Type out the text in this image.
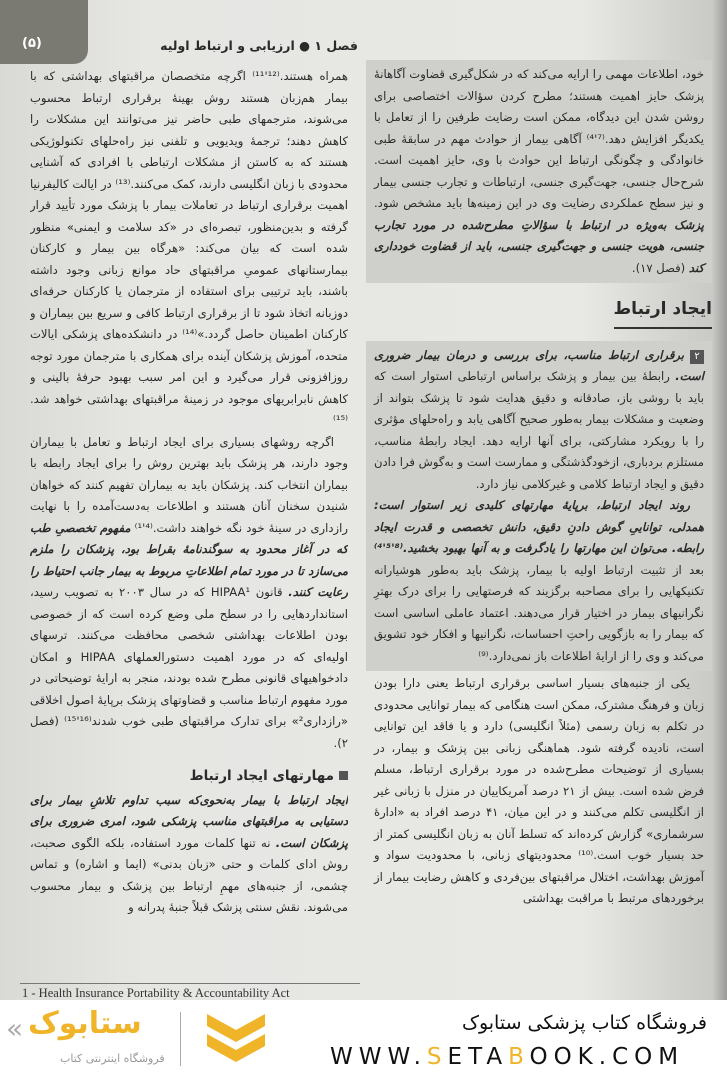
(۵)	فصل ۱ ● ارزیابی و ارتباط اولیه

همراه هستند.⁽¹²'¹¹⁾ اگرچه متخصصان مراقبتهای بهداشتی که با بیمار هم‌زبان هستند روش بهینهٔ برقراری ارتباط محسوب می‌شوند، مترجمهای طبی حاضر نیز می‌توانند این مشکلات را کاهش دهند؛ ترجمهٔ ویدیویی و تلفنی نیز راه‌حلهای تکنولوژیکی هستند که به کاستن از مشکلات ارتباطی با افرادی که آشنایی محدودی با زبان انگلیسی دارند، کمک می‌کنند.⁽¹³⁾ در ایالت کالیفرنیا اهمیت برقراری ارتباط در تعاملات بیمار با پزشک مورد تأیید قرار گرفته و بدین‌منظور، تبصره‌ای در «کد سلامت و ایمنی» منظور شده است که بیان می‌کند: «هرگاه بین بیمار و کارکنان بیمارستانهای عمومیِ مراقبتهای حاد موانع زبانی وجود داشته باشند، باید ترتیبی برای استفاده از مترجمان یا کارکنان حرفه‌ای دوزبانه اتخاذ شود تا از برقراری ارتباط کافی و سریع بین بیماران و کارکنان اطمینان حاصل گردد.»⁽¹⁴⁾ در دانشکده‌های پزشکی ایالات متحده، آموزش پزشکان آینده برای همکاری با مترجمان مورد توجه روزافزونی قرار می‌گیرد و این امر سبب بهبود حرفهٔ بالینی و کاهش نابرابریهای موجود در زمینهٔ مراقبتهای بهداشتی خواهد شد.⁽¹⁵⁾

اگرچه روشهای بسیاری برای ایجاد ارتباط و تعامل با بیماران وجود دارند، هر پزشک باید بهترین روش را برای ایجاد رابطه با بیماران انتخاب کند. پزشکان باید به بیماران تفهیم کنند که خواهان شنیدن سخنان آنان هستند و اطلاعات به‌دست‌آمده را با نهایت رازداری در سینهٔ خود نگه خواهند داشت.⁽⁴'¹⁾ مفهوم تخصصیِ طب که در آغاز محدود به سوگندنامهٔ بقراط بود، پزشکان را ملزم می‌سازد تا در مورد تمام اطلاعاتِ مربوط به بیمار جانب احتیاط را رعایت کنند. قانون HIPAA¹ که در سال ۲۰۰۳ به تصویب رسید، استانداردهایی را در سطح ملی وضع کرده است که از خصوصی بودن اطلاعات بهداشتی شخصی محافظت می‌کنند. ترسهای اولیه‌ای که در مورد اهمیت دستورالعملهای HIPAA و امکان دادخواهیهای قانونی مطرح شده بودند، منجر به ارایهٔ توضیحاتی در مورد مفهوم ارتباط مناسب و قضاوتهای پزشک برپایهٔ اصول اخلاقی «رازداری²» برای تدارک مراقبتهای طبی خوب شدند⁽¹⁶'¹⁵⁾ (فصل ۲).

مهارتهای ایجاد ارتباط

ایجاد ارتباط با بیمار به‌نحوی‌که سبب تداوم تلاشِ بیمار برای دستیابی به مراقبتهای مناسب پزشکی شود، امری ضروری برای پزشکان است. نه تنها کلمات مورد استفاده، بلکه الگوی صحبت، روش ادای کلمات و حتی «زبان بدنی» (ایما و اشاره) و تماس چشمی، از جنبه‌های مهمِ ارتباط بین پزشک و بیمار محسوب می‌شوند. نقش سنتی پزشک قبلاً جنبهٔ پدرانه و

خود، اطلاعات مهمی را ارایه می‌کند که در شکل‌گیری قضاوت آگاهانهٔ پزشک حایز اهمیت هستند؛ مطرح کردن سؤالات اختصاصی برای روشن شدن این دیدگاه، ممکن است رضایت طرفین را از تعامل با یکدیگر افزایش دهد.⁽⁷'⁴⁾ آگاهی بیمار از حوادث مهم در سابقهٔ طبی خانوادگی و چگونگی ارتباط این حوادث با وی، حایز اهمیت است. شرح‌حال جنسی، جهت‌گیری جنسی، ارتباطات و تجارب جنسی بیمار و نیز سطح عملکردی رضایت وی در این زمینه‌ها باید مشخص شود. پزشک به‌ویژه در ارتباط با سؤالاتِ مطرح‌شده در مورد تجارب جنسی، هویت جنسی و جهت‌گیری جنسی، باید از قضاوت خودداری کند (فصل ۱۷).

ایجاد ارتباط

۲برقراری ارتباط مناسب، برای بررسی و درمان بیمار ضروری است. رابطهٔ بین بیمار و پزشک براساس ارتباطی استوار است که باید با روشی باز، صادقانه و دقیق هدایت شود تا پزشک بتواند از وضعیت و مشکلات بیمار به‌طور صحیح آگاهی یابد و راه‌حلهای مؤثری را با رویکرد مشارکتی، برای آنها ارایه دهد. ایجاد رابطهٔ مناسب، مستلزم بردباری، ازخودگذشتگی و ممارست است و به‌گوش فرا دادن دقیق و ایجاد ارتباط کلامی و غیرکلامی نیاز دارد.

روند ایجاد ارتباط، برپایهٔ مهارتهای کلیدی زیر استوار است: همدلی، تواناییِ گوش دادنِ دقیق، دانش تخصصی و قدرت ایجاد رابطه. می‌توان این مهارتها را یادگرفت و به آنها بهبود بخشید.⁽⁸'⁵'⁴⁾ بعد از تثبیت ارتباط اولیه با بیمار، پزشک باید به‌طور هوشیارانه تکنیکهایی را برای مصاحبه برگزیند که فرصتهایی را برای درک بهترِ نگرانیهای بیمار در اختیار قرار می‌دهند. اعتماد عاملی اساسی است که بیمار را به بازگویی راحتِ احساسات، نگرانیها و افکار خود تشویق می‌کند و وی را از ارایهٔ اطلاعات باز نمی‌دارد.⁽⁹⁾

یکی از جنبه‌های بسیار اساسی برقراری ارتباط یعنی دارا بودن زبان و فرهنگ مشترک، ممکن است هنگامی که بیمار توانایی محدودی در تکلم به زبان رسمی (مثلاً انگلیسی) دارد و یا فاقد این توانایی است، نادیده گرفته شود. هماهنگی زبانی بین پزشک و بیمار، در بسیاری از توضیحات مطرح‌شده در مورد برقراری ارتباط، مسلم فرض شده است. بیش از ۲۱ درصد آمریکاییان در منزل با زبانی غیر از انگلیسی تکلم می‌کنند و در این میان، ۴۱ درصد افراد به «ادارهٔ سرشماری» گزارش کرده‌اند که تسلط آنان به زبان انگلیسی کمتر از حد بسیار خوب است.⁽¹⁰⁾ محدودیتهای زبانی، با محدودیت سواد و آموزش بهداشت، اختلال مراقبتهای بین‌فردی و کاهش رضایت بیمار از برخوردهای مرتبط با مراقبت بهداشتی

1 - Health Insurance Portability & Accountability Act
« ستابوک
فروشگاه اینترنتی کتاب
فروشگاه کتاب پزشکی ستابوک
WWW.SETABOOK.COM
